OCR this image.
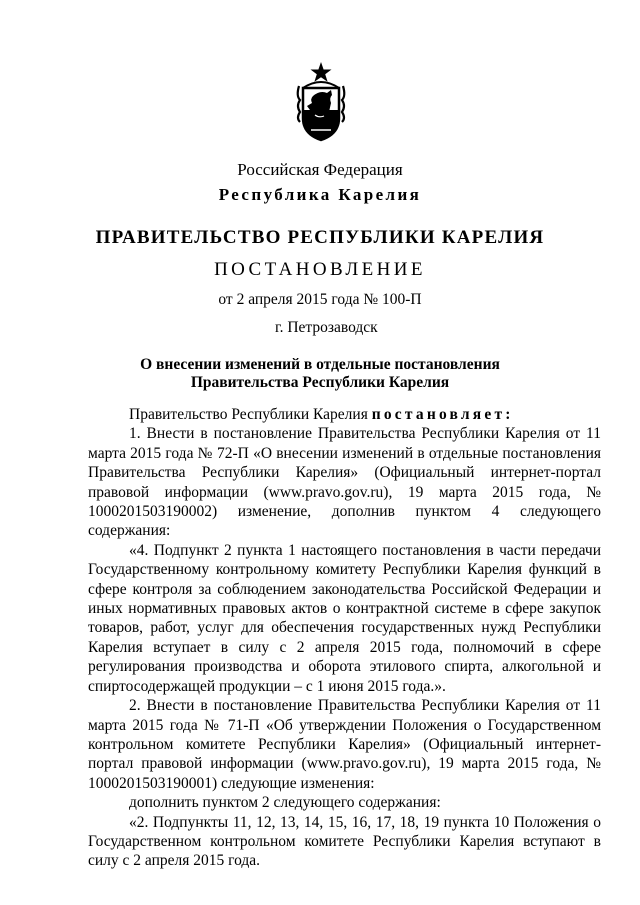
Российская Федерация
Республика Карелия
ПРАВИТЕЛЬСТВО РЕСПУБЛИКИ КАРЕЛИЯ
ПОСТАНОВЛЕНИЕ
от 2 апреля 2015 года № 100-П
г. Петрозаводск
О внесении изменений в отдельные постановления
Правительства Республики Карелия

Правительство Республики Карелия постановляет:

1. Внести в постановление Правительства Республики Карелия от 11 марта 2015 года № 72-П «О внесении изменений в отдельные постановления Правительства Республики Карелия» (Официальный интернет-портал правовой информации (www.pravo.gov.ru), 19 марта 2015 года, № 1000201503190002) изменение, дополнив пунктом 4 следующего содержания:

«4. Подпункт 2 пункта 1 настоящего постановления в части передачи Государственному контрольному комитету Республики Карелия функций в сфере контроля за соблюдением законодательства Российской Федерации и иных нормативных правовых актов о контрактной системе в сфере закупок товаров, работ, услуг для обеспечения государственных нужд Республики Карелия вступает в силу с 2 апреля 2015 года, полномочий в сфере регулирования производства и оборота этилового спирта, алкогольной и спиртосодержащей продукции – с 1 июня 2015 года.».

2. Внести в постановление Правительства Республики Карелия от 11 марта 2015 года № 71-П «Об утверждении Положения о Государственном контрольном комитете Республики Карелия» (Официальный интернет-портал правовой информации (www.pravo.gov.ru), 19 марта 2015 года, № 1000201503190001) следующие изменения:

дополнить пунктом 2 следующего содержания:

«2. Подпункты 11, 12, 13, 14, 15, 16, 17, 18, 19 пункта 10 Положения о Государственном контрольном комитете Республики Карелия вступают в силу с 2 апреля 2015 года.
